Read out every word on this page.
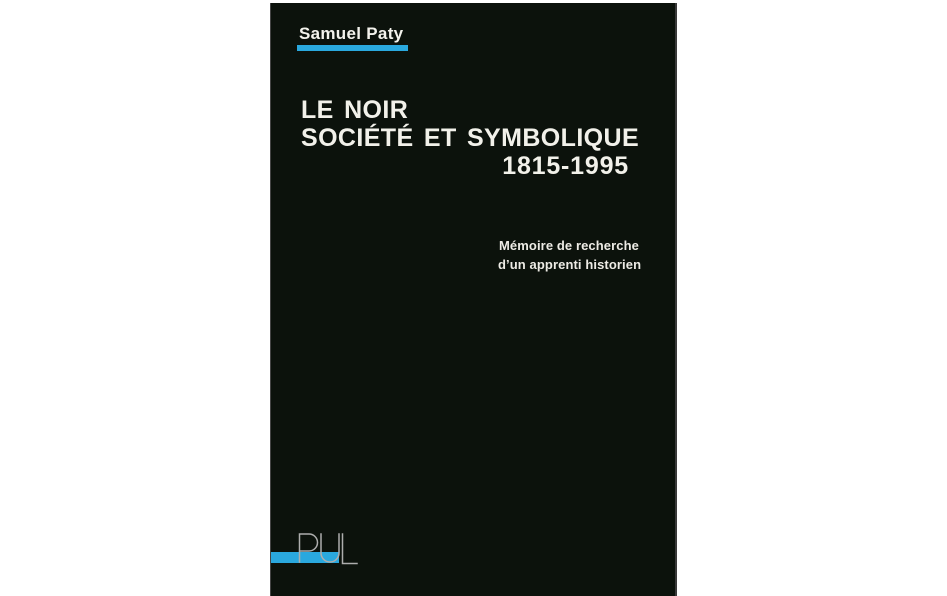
Samuel Paty
LE NOIR
SOCIÉTÉ ET SYMBOLIQUE
1815-1995
Mémoire de recherche
d’un apprenti historien
